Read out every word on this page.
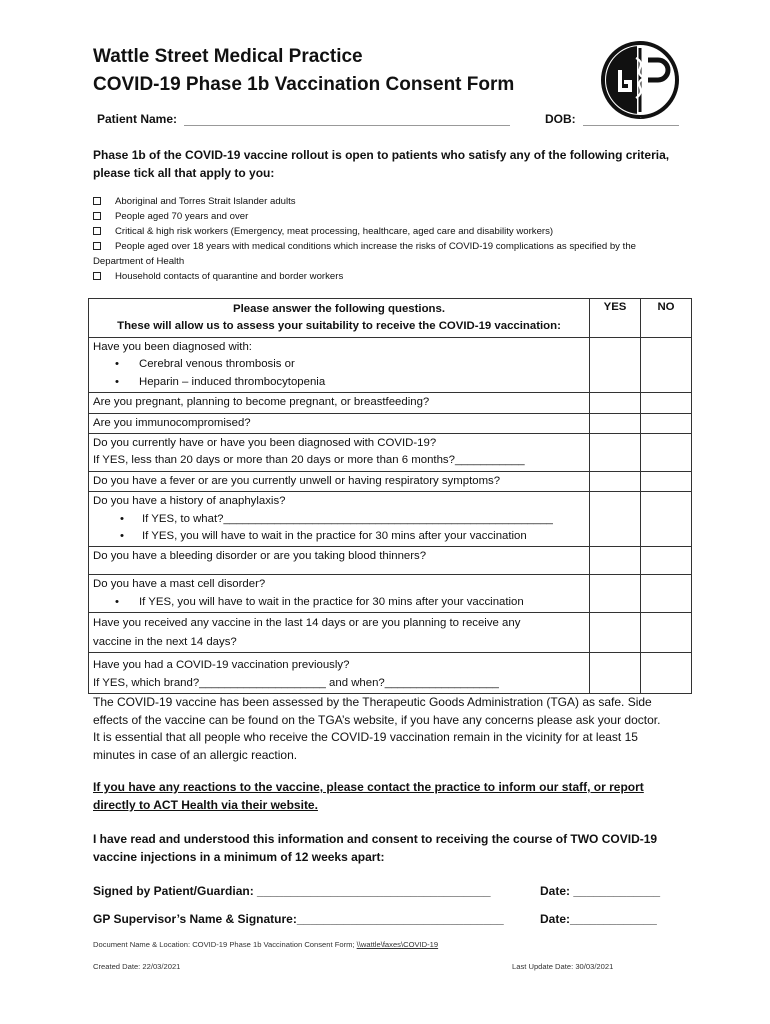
Wattle Street Medical Practice
COVID-19 Phase 1b Vaccination Consent Form
GP
Patient Name:	DOB:
Phase 1b of the COVID-19 vaccine rollout is open to patients who satisfy any of the following criteria, please tick all that apply to you:
Aboriginal and Torres Strait Islander adults
People aged 70 years and over
Critical & high risk workers (Emergency, meat processing, healthcare, aged care and disability workers)
People aged over 18 years with medical conditions which increase the risks of COVID-19 complications as specified by the Department of Health
Household contacts of quarantine and border workers
Please answer the following questions.
These will allow us to assess your suitability to receive the COVID-19 vaccination:	YES	NO

Have you been diagnosed with:
• Cerebral venous thrombosis or
• Heparin – induced thrombocytopenia

Are you pregnant, planning to become pregnant, or breastfeeding?		
Are you immunocompromised?		

Do you currently have or have you been diagnosed with COVID-19?
If YES, less than 20 days or more than 20 days or more than 6 months?___________		

Do you have a fever or are you currently unwell or having respiratory symptoms?		

Do you have a history of anaphylaxis?
• If YES, to what?____________________________________________________
• If YES, you will have to wait in the practice for 30 mins after your vaccination

Do you have a bleeding disorder or are you taking blood thinners?		

Do you have a mast cell disorder?
• If YES, you will have to wait in the practice for 30 mins after your vaccination

Have you received any vaccine in the last 14 days or are you planning to receive any
vaccine in the next 14 days?		

Have you had a COVID-19 vaccination previously?
If YES, which brand?____________________ and when?__________________		

The COVID-19 vaccine has been assessed by the Therapeutic Goods Administration (TGA) as safe. Side effects of the vaccine can be found on the TGA’s website, if you have any concerns please ask your doctor. It is essential that all people who receive the COVID-19 vaccination remain in the vicinity for at least 15 minutes in case of an allergic reaction.
If you have any reactions to the vaccine, please contact the practice to inform our staff, or report directly to ACT Health via their website.
I have read and understood this information and consent to receiving the course of TWO COVID-19 vaccine injections in a minimum of 12 weeks apart:
Signed by Patient/Guardian: ___________________________________	Date: _____________
GP Supervisor’s Name & Signature:_______________________________	Date:_____________
Document Name & Location: COVID-19 Phase 1b Vaccination Consent Form; \\wattle\faxes\COVID-19
Created Date: 22/03/2021	Last Update Date: 30/03/2021
